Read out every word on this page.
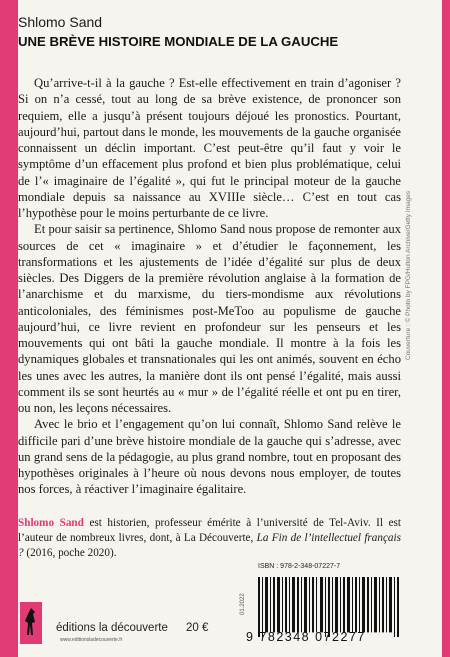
Shlomo Sand
UNE BRÈVE HISTOIRE MONDIALE DE LA GAUCHE

Qu’arrive-t-il à la gauche ? Est-elle effectivement en train d’agoniser ? Si on n’a cessé, tout au long de sa brève existence, de prononcer son requiem, elle a jusqu’à présent toujours déjoué les pronostics. Pourtant, aujourd’hui, partout dans le monde, les mouvements de la gauche organisée connaissent un déclin important. C’est peut-être qu’il faut y voir le symptôme d’un effacement plus profond et bien plus problématique, celui de l’« imaginaire de l’égalité », qui fut le principal moteur de la gauche mondiale depuis sa naissance au XVIIIe siècle… C’est en tout cas l’hypothèse pour le moins perturbante de ce livre.

Et pour saisir sa pertinence, Shlomo Sand nous propose de remonter aux sources de cet « imaginaire » et d’étudier le façonnement, les transformations et les ajustements de l’idée d’égalité sur plus de deux siècles. Des Diggers de la première révolution anglaise à la formation de l’anarchisme et du marxisme, du tiers-mondisme aux révolutions anticoloniales, des féminismes post-MeToo au populisme de gauche aujourd’hui, ce livre revient en profondeur sur les penseurs et les mouvements qui ont bâti la gauche mondiale. Il montre à la fois les dynamiques globales et transnationales qui les ont animés, souvent en écho les unes avec les autres, la manière dont ils ont pensé l’égalité, mais aussi comment ils se sont heurtés au « mur » de l’égalité réelle et ont pu en tirer, ou non, les leçons nécessaires.

Avec le brio et l’engagement qu’on lui connaît, Shlomo Sand relève le difficile pari d’une brève histoire mondiale de la gauche qui s’adresse, avec un grand sens de la pédagogie, au plus grand nombre, tout en proposant des hypothèses originales à l’heure où nous devons nous employer, de toutes nos forces, à réactiver l’imaginaire égalitaire.

Shlomo Sand est historien, professeur émérite à l’université de Tel-Aviv. Il est l’auteur de nombreux livres, dont, à La Découverte, La Fin de l’intellectuel français ? (2016, poche 2020).
Couverture : © Photo by FPG/Hulton Archive/Getty Images
ISBN : 978-2-348-07227-7
01.2022
9 782348 072277
éditions la découverte
www.editionsladecouverte.fr
20 €
